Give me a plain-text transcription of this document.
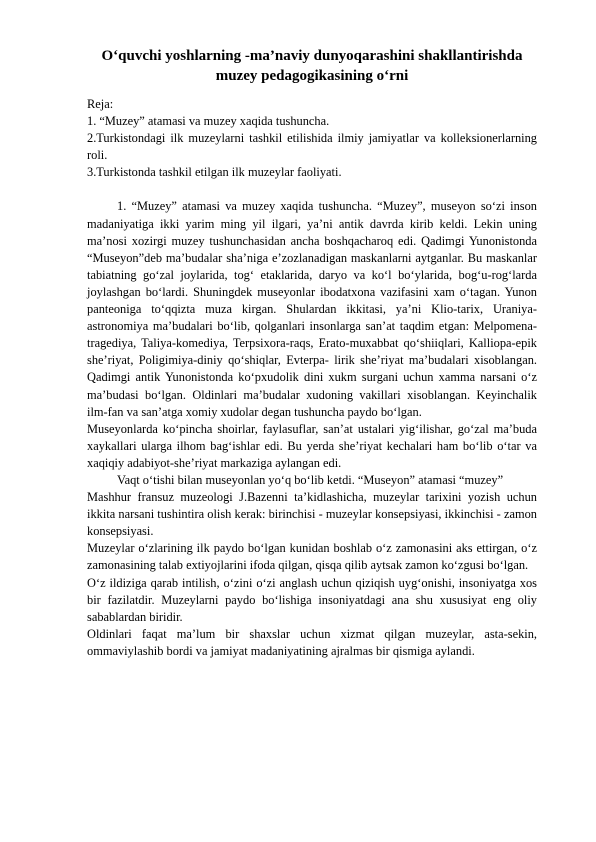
O‘quvchi yoshlarning -ma’naviy dunyoqarashini shakllantirishda muzey pedagogikasining o‘rni

Reja:

1. “Muzey” atamasi va muzey xaqida tushuncha.

2.Turkistondagi ilk muzeylarni tashkil etilishida ilmiy jamiyatlar va kolleksionerlarning roli.

3.Turkistonda tashkil etilgan ilk muzeylar faoliyati.

1. “Muzey” atamasi va muzey xaqida tushuncha. “Muzey”, museyon so‘zi inson madaniyatiga ikki yarim ming yil ilgari, ya’ni antik davrda kirib keldi. Lekin uning ma’nosi xozirgi muzey tushunchasidan ancha boshqacharoq edi. Qadimgi Yunonistonda “Museyon”deb ma’budalar sha’niga e’zozlanadigan maskanlarni aytganlar. Bu maskanlar tabiatning go‘zal joylarida, tog‘ etaklarida, daryo va ko‘l bo‘ylarida, bog‘u-rog‘larda joylashgan bo‘lardi. Shuningdek museyonlar ibodatxona vazifasini xam o‘tagan. Yunon panteoniga to‘qqizta muza kirgan. Shulardan ikkitasi, ya’ni Klio-tarix, Uraniya-astronomiya ma’budalari bo‘lib, qolganlari insonlarga san’at taqdim etgan: Melpomena-tragediya, Taliya-komediya, Terpsixora-raqs, Erato-muxabbat qo‘shiiqlari, Kalliopa-epik she’riyat, Poligimiya-diniy qo‘shiqlar, Evterpa- lirik she’riyat ma’budalari xisoblangan. Qadimgi antik Yunonistonda ko‘pxudolik dini xukm surgani uchun xamma narsani o‘z ma’budasi bo‘lgan. Oldinlari ma’budalar xudoning vakillari xisoblangan. Keyinchalik ilm-fan va san’atga xomiy xudolar degan tushuncha paydo bo‘lgan.

Museyonlarda ko‘pincha shoirlar, faylasuflar, san’at ustalari yig‘ilishar, go‘zal ma’buda xaykallari ularga ilhom bag‘ishlar edi. Bu yerda she’riyat kechalari ham bo‘lib o‘tar va xaqiqiy adabiyot-she’riyat markaziga aylangan edi.

Vaqt o‘tishi bilan museyonlan yo‘q bo‘lib ketdi. “Museyon” atamasi “muzey”

Mashhur fransuz muzeologi J.Bazenni ta’kidlashicha, muzeylar tarixini yozish uchun ikkita narsani tushintira olish kerak: birinchisi - muzeylar konsepsiyasi, ikkinchisi - zamon konsepsiyasi.

Muzeylar o‘zlarining ilk paydo bo‘lgan kunidan boshlab o‘z zamonasini aks ettirgan, o‘z zamonasining talab extiyojlarini ifoda qilgan, qisqa qilib aytsak zamon ko‘zgusi bo‘lgan.

O‘z ildiziga qarab intilish, o‘zini o‘zi anglash uchun qiziqish uyg‘onishi, insoniyatga xos bir fazilatdir. Muzeylarni paydo bo‘lishiga insoniyatdagi ana shu xususiyat eng oliy sabablardan biridir.

Oldinlari faqat ma’lum bir shaxslar uchun xizmat qilgan muzeylar, asta-sekin, ommaviylashib bordi va jamiyat madaniyatining ajralmas bir qismiga aylandi.
